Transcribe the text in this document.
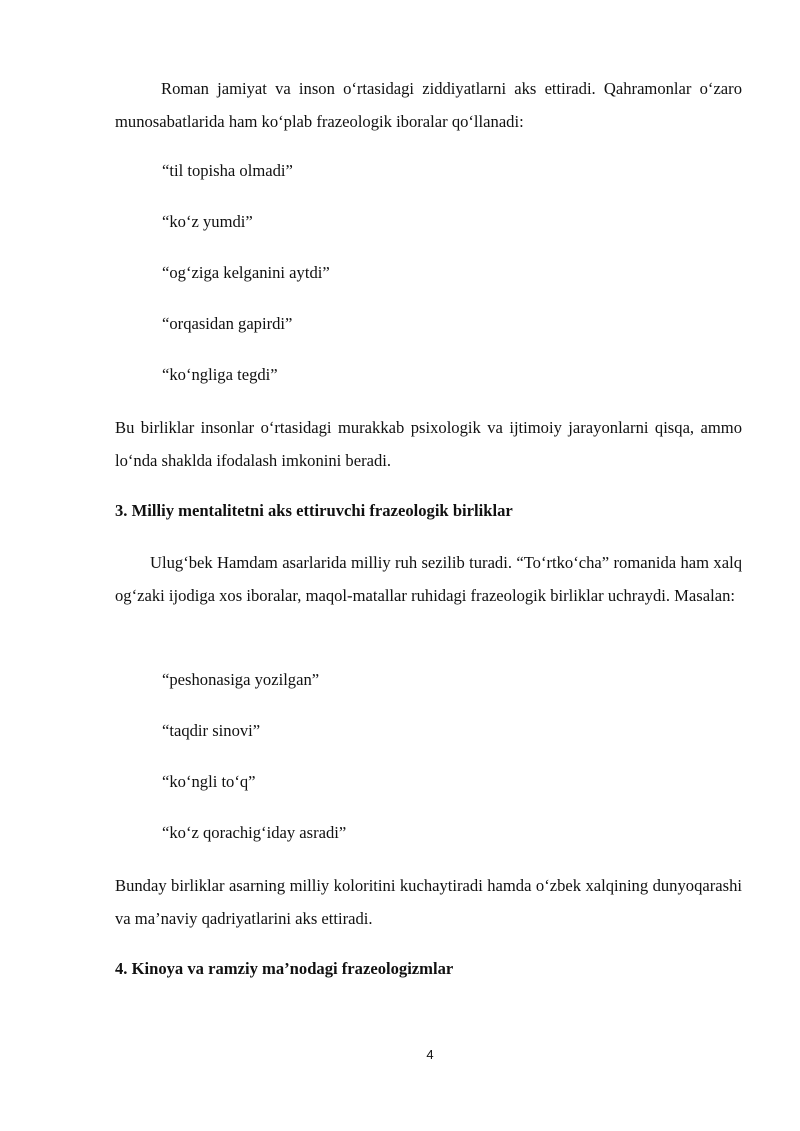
Roman jamiyat va inson o‘rtasidagi ziddiyatlarni aks ettiradi. Qahramonlar o‘zaro munosabatlarida ham ko‘plab frazeologik iboralar qo‘llanadi:

“til topisha olmadi”

“ko‘z yumdi”

“og‘ziga kelganini aytdi”

“orqasidan gapirdi”

“ko‘ngliga tegdi”

Bu birliklar insonlar o‘rtasidagi murakkab psixologik va ijtimoiy jarayonlarni qisqa, ammo lo‘nda shaklda ifodalash imkonini beradi.

3. Milliy mentalitetni aks ettiruvchi frazeologik birliklar

Ulug‘bek Hamdam asarlarida milliy ruh sezilib turadi. “To‘rtko‘cha” romanida ham xalq og‘zaki ijodiga xos iboralar, maqol-matallar ruhidagi frazeologik birliklar uchraydi. Masalan:

“peshonasiga yozilgan”

“taqdir sinovi”

“ko‘ngli to‘q”

“ko‘z qorachig‘iday asradi”

Bunday birliklar asarning milliy koloritini kuchaytiradi hamda o‘zbek xalqining dunyoqarashi va ma’naviy qadriyatlarini aks ettiradi.

4. Kinoya va ramziy ma’nodagi frazeologizmlar
4
